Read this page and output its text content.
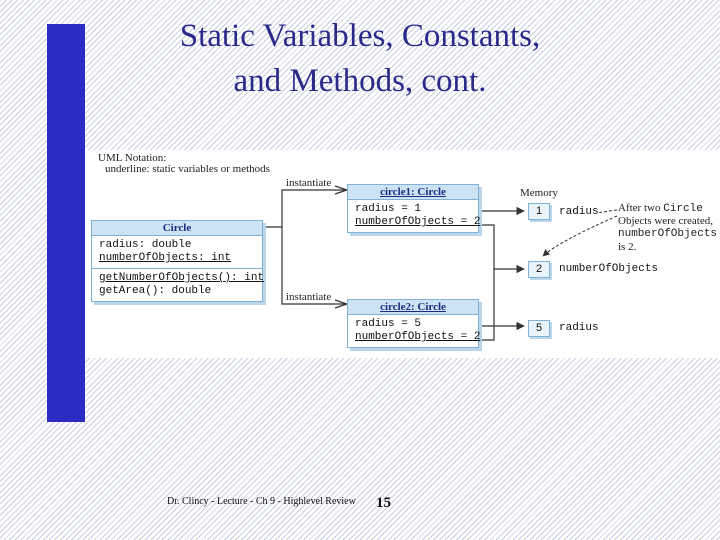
Static Variables, Constants,
and Methods, cont.
UML Notation:
underline: static variables or methods
instantiate
instantiate
Circle
radius: double
numberOfObjects: int
getNumberOfObjects(): int
getArea(): double
circle1: Circle
radius = 1
numberOfObjects = 2
circle2: Circle
radius = 5
numberOfObjects = 2
Memory
1	radius
2	numberOfObjects
5	radius
After two Circle
Objects were created,
numberOfObjects
is 2.
Dr. Clincy - Lecture - Ch 9 - Highlevel Review 15
